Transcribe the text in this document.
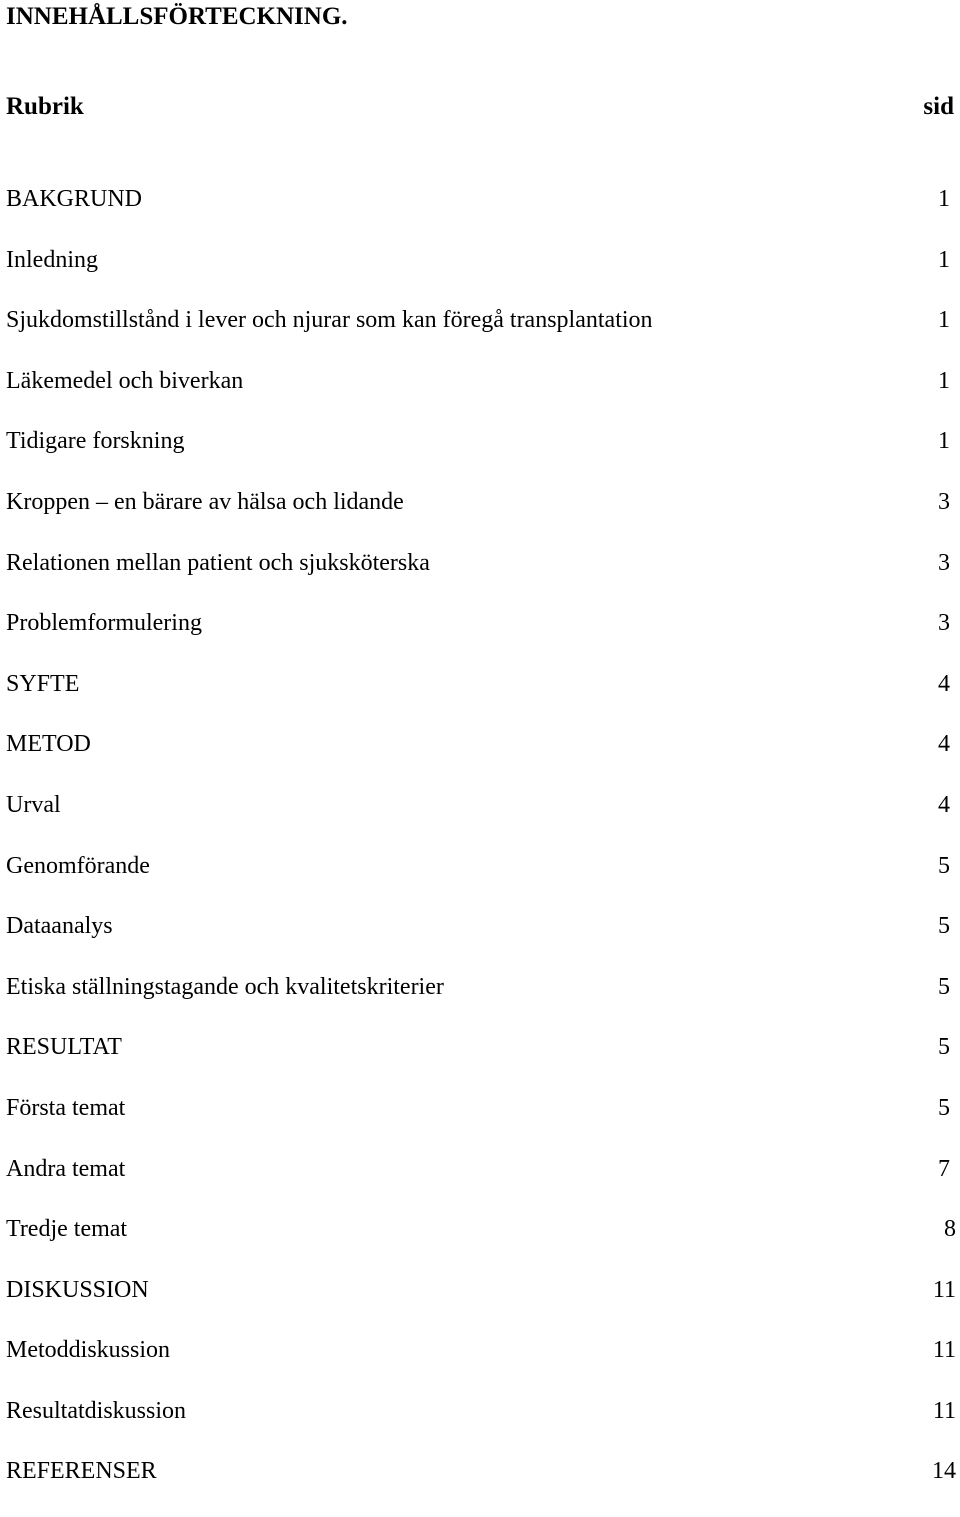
INNEHÅLLSFÖRTECKNING.
Rubrik	sid
BAKGRUND	1
Inledning	1
Sjukdomstillstånd i lever och njurar som kan föregå transplantation	1
Läkemedel och biverkan	1
Tidigare forskning	1
Kroppen – en bärare av hälsa och lidande	3
Relationen mellan patient och sjuksköterska	3
Problemformulering	3
SYFTE	4
METOD	4
Urval	4
Genomförande	5
Dataanalys	5
Etiska ställningstagande och kvalitetskriterier	5
RESULTAT	5
Första temat	5
Andra temat	7
Tredje temat	8
DISKUSSION	11
Metoddiskussion	11
Resultatdiskussion	11
REFERENSER	14
